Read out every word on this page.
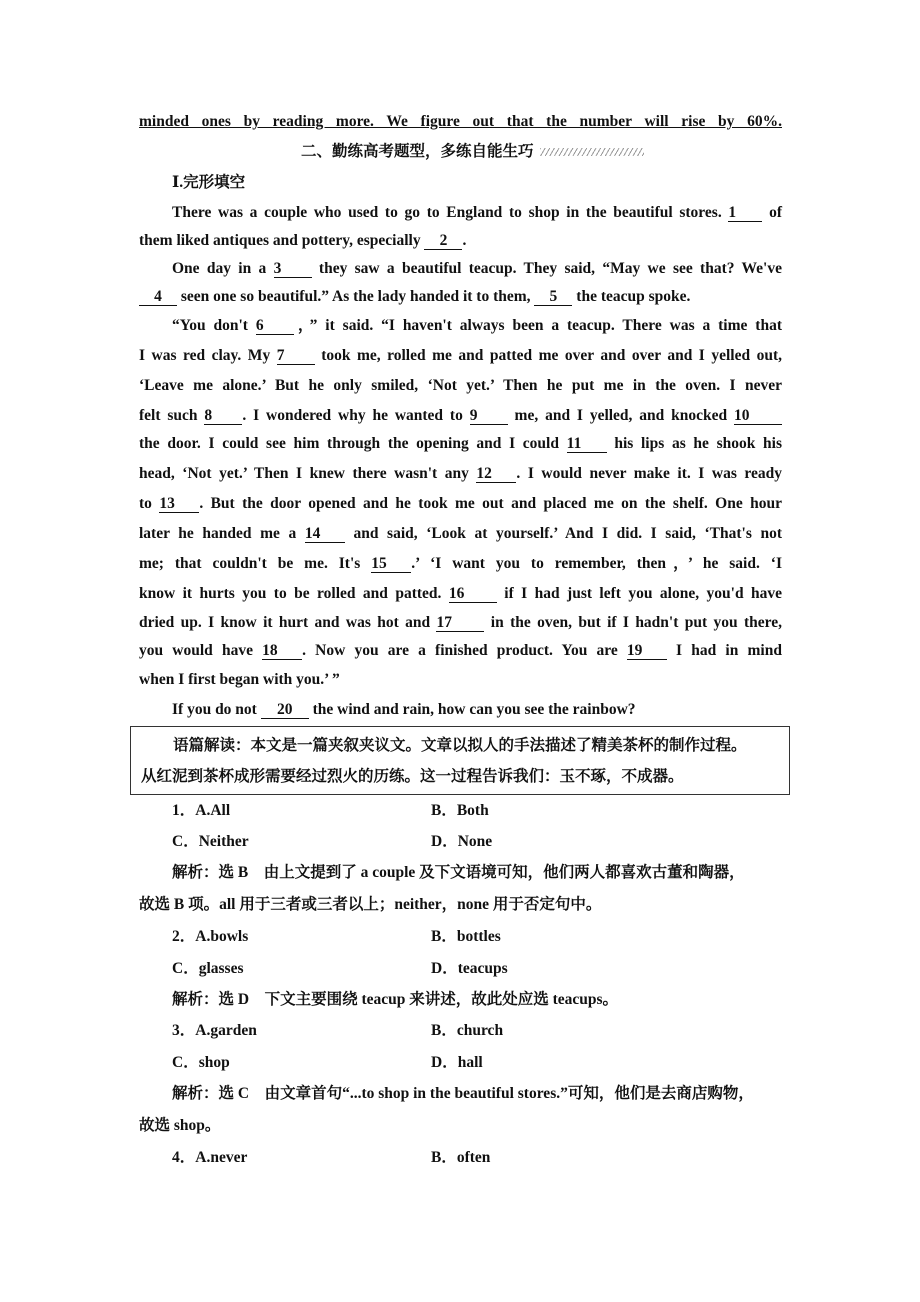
minded ones by reading more. We figure out that the number will rise by 60%.
二、勤练高考题型，多练自能生巧
Ⅰ.完形填空
There was a couple who used to go to England to shop in the beautiful stores. 1 of
them liked antiques and pottery, especially 2 .
One day in a 3 they saw a beautiful teacup. They said, “May we see that? We've
4 seen one so beautiful.” As the lady handed it to them, 5 the teacup spoke.
“You don't 6 ，” it said. “I haven't always been a teacup. There was a time that
I was red clay. My 7 took me, rolled me and patted me over and over and I yelled out,
‘Leave me alone.’ But he only smiled, ‘Not yet.’ Then he put me in the oven. I never
felt such 8 . I wondered why he wanted to 9 me, and I yelled, and knocked 10
the door. I could see him through the opening and I could 11 his lips as he shook his
head, ‘Not yet.’ Then I knew there wasn't any 12 . I would never make it. I was ready
to 13 . But the door opened and he took me out and placed me on the shelf. One hour
later he handed me a 14 and said, ‘Look at yourself.’ And I did. I said, ‘That's not
me; that couldn't be me. It's 15 .’ ‘I want you to remember, then，’ he said. ‘I
know it hurts you to be rolled and patted. 16 if I had just left you alone, you'd have
dried up. I know it hurt and was hot and 17 in the oven, but if I hadn't put you there,
you would have 18 . Now you are a finished product. You are 19 I had in mind
when I first began with you.’ ”
If you do not 20 the wind and rain, how can you see the rainbow?
语篇解读：本文是一篇夹叙夹议文。文章以拟人的手法描述了精美茶杯的制作过程。
从红泥到茶杯成形需要经过烈火的历练。这一过程告诉我们：玉不琢，不成器。
1．A.All	B．Both
C．Neither	D．None
解析：选 B　由上文提到了 a couple 及下文语境可知，他们两人都喜欢古董和陶器，
故选 B 项。all 用于三者或三者以上；neither，none 用于否定句中。
2．A.bowls	B．bottles
C．glasses	D．teacups
解析：选 D　下文主要围绕 teacup 来讲述，故此处应选 teacups。
3．A.garden	B．church
C．shop	D．hall
解析：选 C　由文章首句“...to shop in the beautiful stores.”可知，他们是去商店购物，
故选 shop。
4．A.never	B．often
